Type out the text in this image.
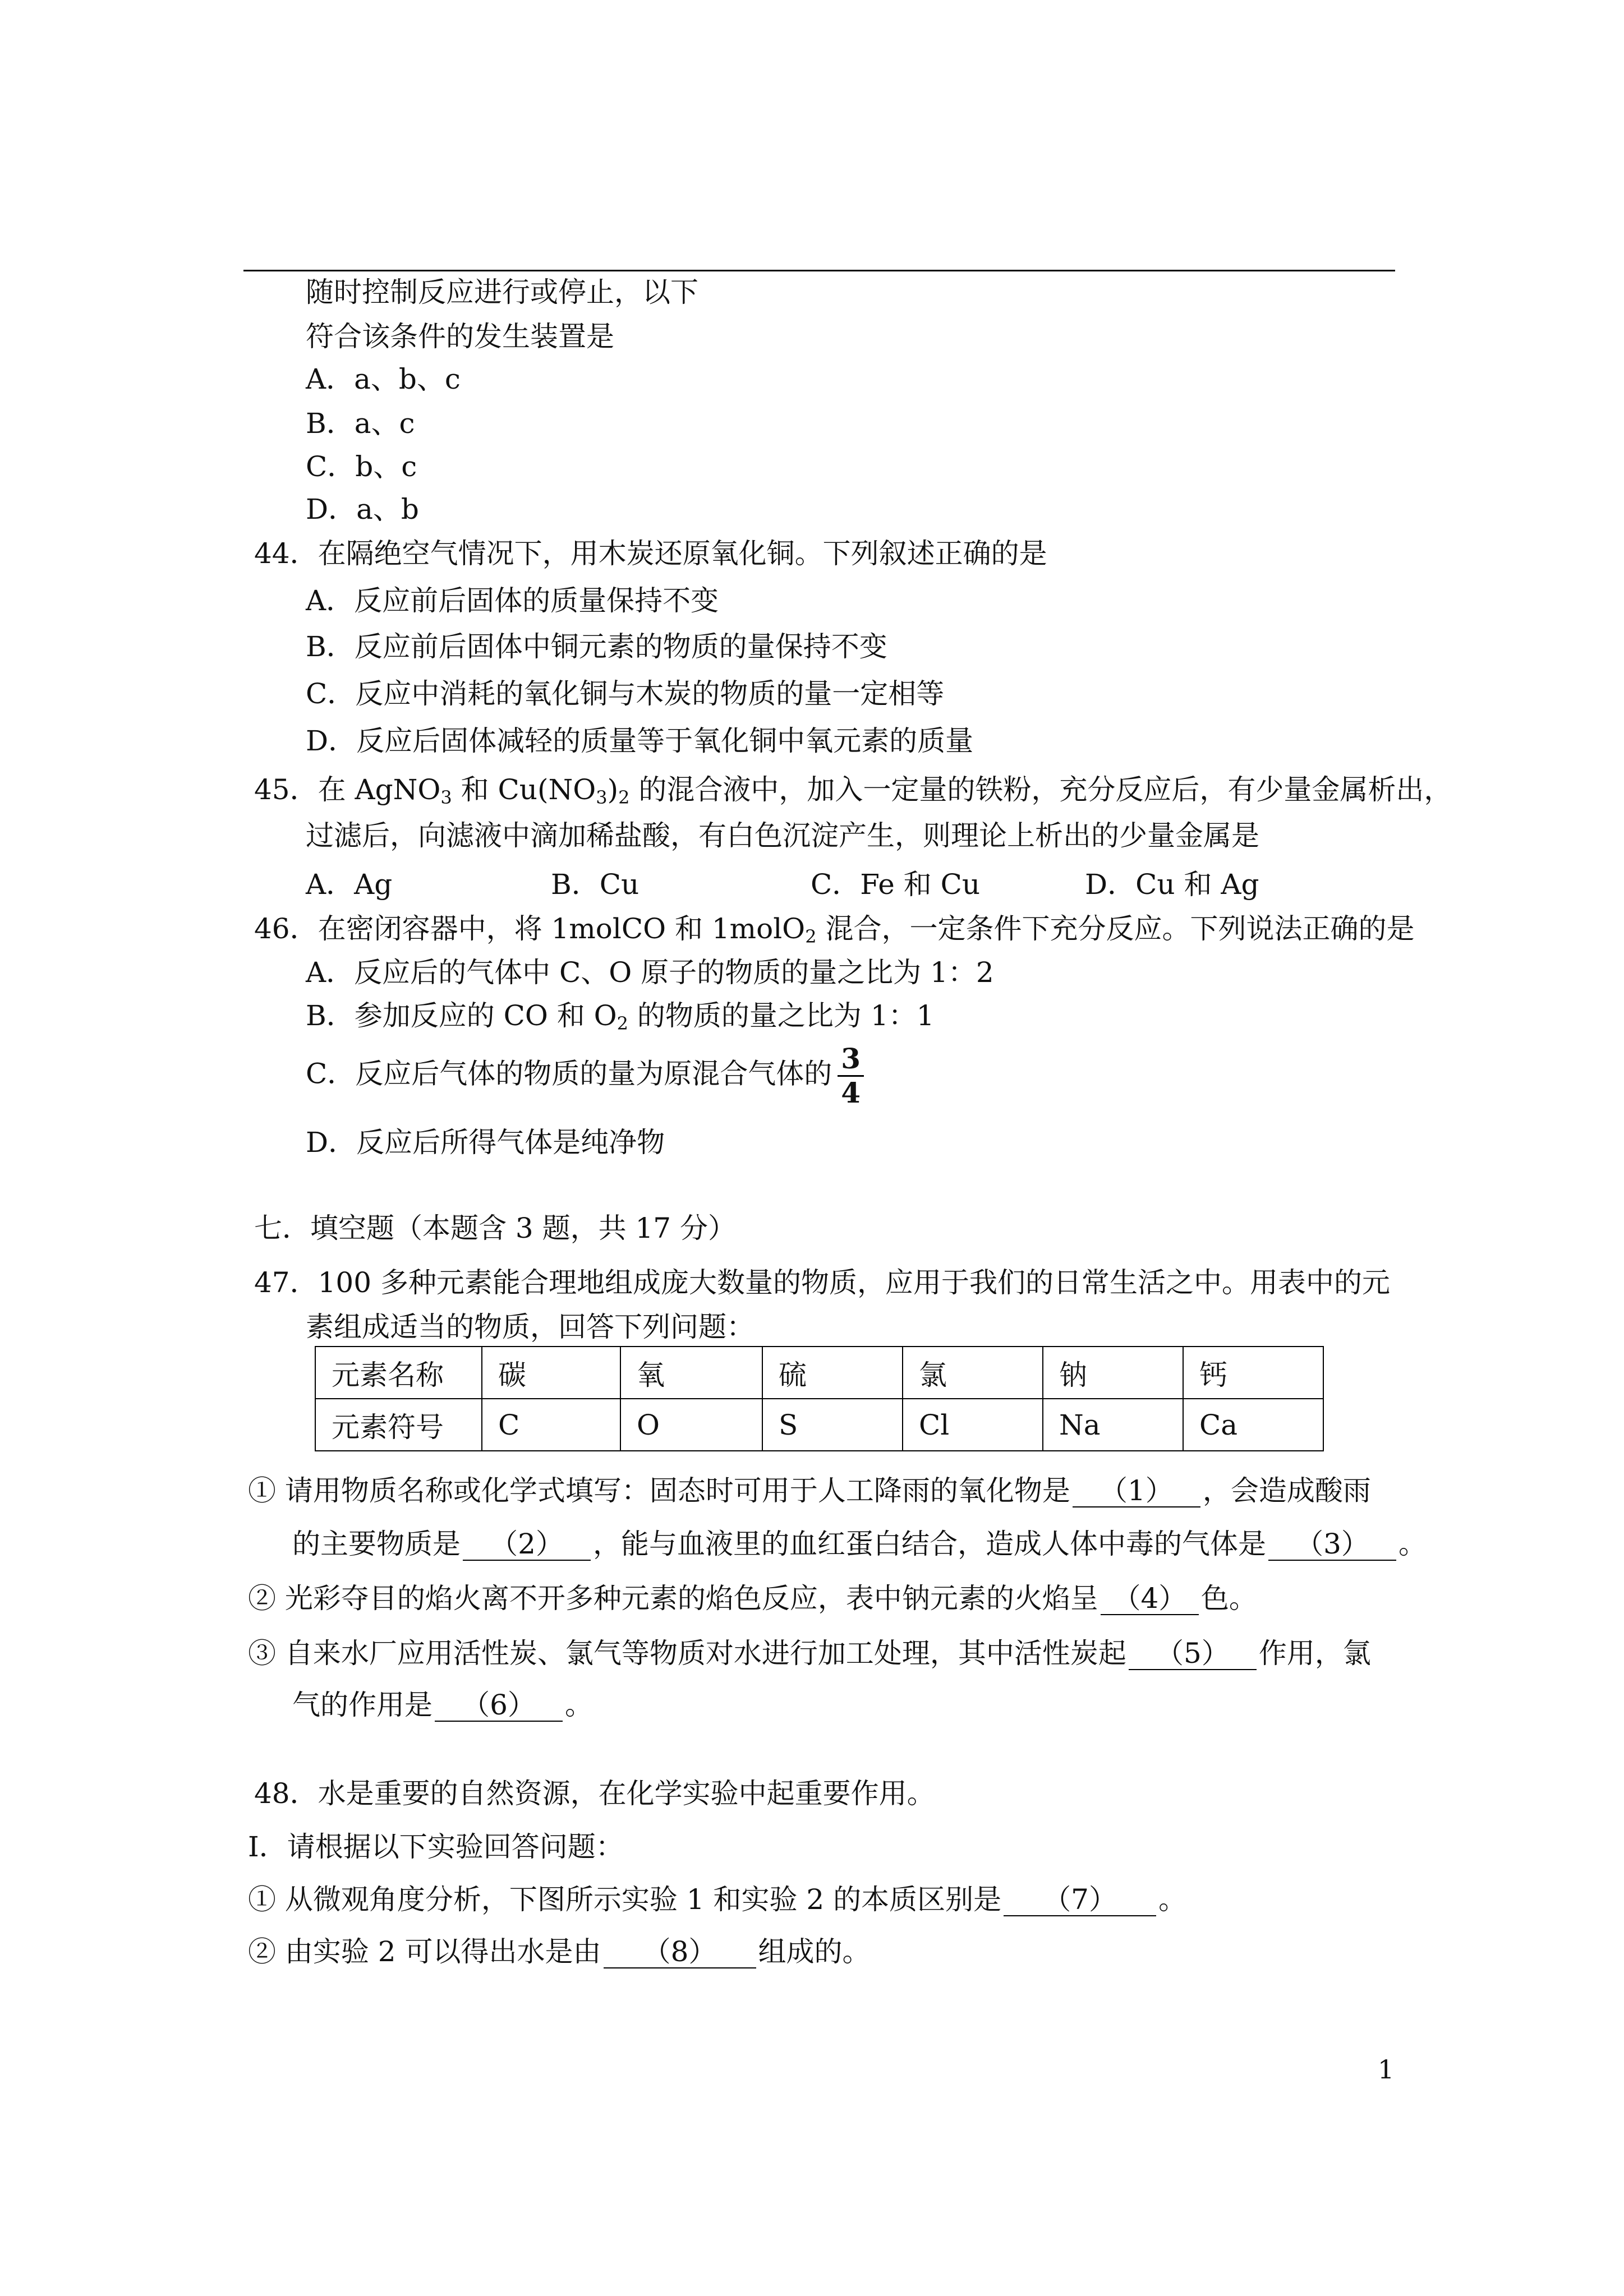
随时控制反应进行或停止，以下
符合该条件的发生装置是
A．a、b、c
B．a、c
C．b、c
D．a、b
44．在隔绝空气情况下，用木炭还原氧化铜。下列叙述正确的是
A．反应前后固体的质量保持不变
B．反应前后固体中铜元素的物质的量保持不变
C．反应中消耗的氧化铜与木炭的物质的量一定相等
D．反应后固体减轻的质量等于氧化铜中氧元素的质量
45．在 AgNO$_3$ 和 $Cu(NO_3)_2$ 的混合液中，加入一定量的铁粉，充分反应后，有少量金属析出，
过滤后，向滤液中滴加稀盐酸，有白色沉淀产生，则理论上析出的少量金属是
A．Ag	B．Cu	C．Fe 和 Cu	D．Cu 和 Ag
46．在密闭容器中，将 1molCO 和 1molO$_2$ 混合，一定条件下充分反应。下列说法正确的是
A．反应后的气体中 C、O 原子的物质的量之比为 1：2
B．参加反应的 CO 和 $O_2$ 的物质的量之比为 1：1
C．反应后气体的物质的量为原混合气体的 $\frac{3}{4}$
D．反应后所得气体是纯净物
七．填空题（本题含 3 题，共 17 分）
47．100 多种元素能合理地组成庞大数量的物质，应用于我们的日常生活之中。用表中的元
素组成适当的物质，回答下列问题：
元素名称	碳	氧	硫	氯	钠	钙
元素符号	C	O	S	Cl	Na	Ca
① 请用物质名称或化学式填写：固态时可用于人工降雨的氧化物是 （1） ，会造成酸雨
的主要物质是 （2） ，能与血液里的血红蛋白结合，造成人体中毒的气体是 （3） 。
② 光彩夺目的焰火离不开多种元素的焰色反应，表中钠元素的火焰呈 （4） 色。
③ 自来水厂应用活性炭、氯气等物质对水进行加工处理，其中活性炭起 （5） 作用，氯
气的作用是 （6） 。
48．水是重要的自然资源，在化学实验中起重要作用。
Ⅰ．请根据以下实验回答问题：
① 从微观角度分析，下图所示实验 1 和实验 2 的本质区别是 （7） 。
② 由实验 2 可以得出水是由 （8） 组成的。
1
